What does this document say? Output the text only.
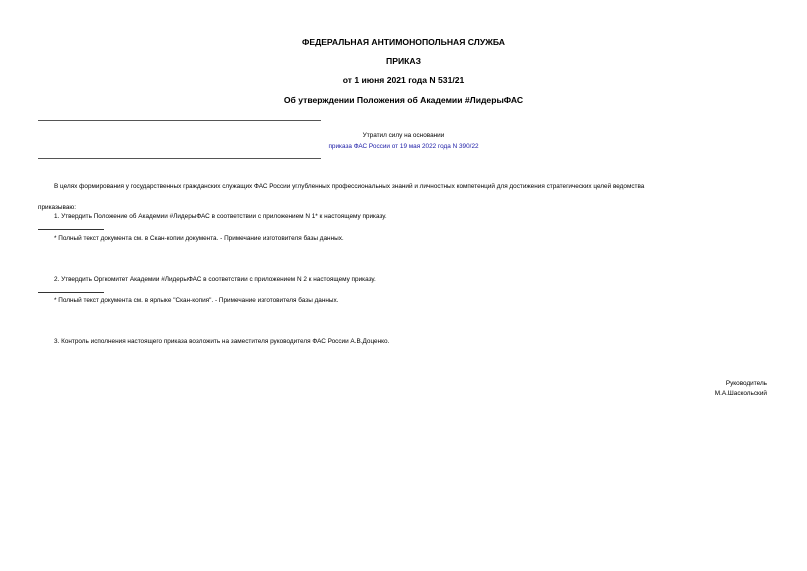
ФЕДЕРАЛЬНАЯ АНТИМОНОПОЛЬНАЯ СЛУЖБА
ПРИКАЗ
от 1 июня 2021 года N 531/21
Об утверждении Положения об Академии #ЛидерыФАС
Утратил силу на основании
приказа ФАС России от 19 мая 2022 года N 390/22
В целях формирования у государственных гражданских служащих ФАС России углубленных профессиональных знаний и личностных компетенций для достижения стратегических целей ведомства
приказываю:
1. Утвердить Положение об Академии #ЛидерыФАС в соответствии с приложением N 1* к настоящему приказу.
* Полный текст документа см. в Скан-копии документа. - Примечание изготовителя базы данных.
2. Утвердить Оргкомитет Академии #ЛидерыФАС в соответствии с приложением N 2 к настоящему приказу.
* Полный текст документа см. в ярлыке "Скан-копия". - Примечание изготовителя базы данных.
3. Контроль исполнения настоящего приказа возложить на заместителя руководителя ФАС России А.В.Доценко.
Руководитель
М.А.Шаскольский
